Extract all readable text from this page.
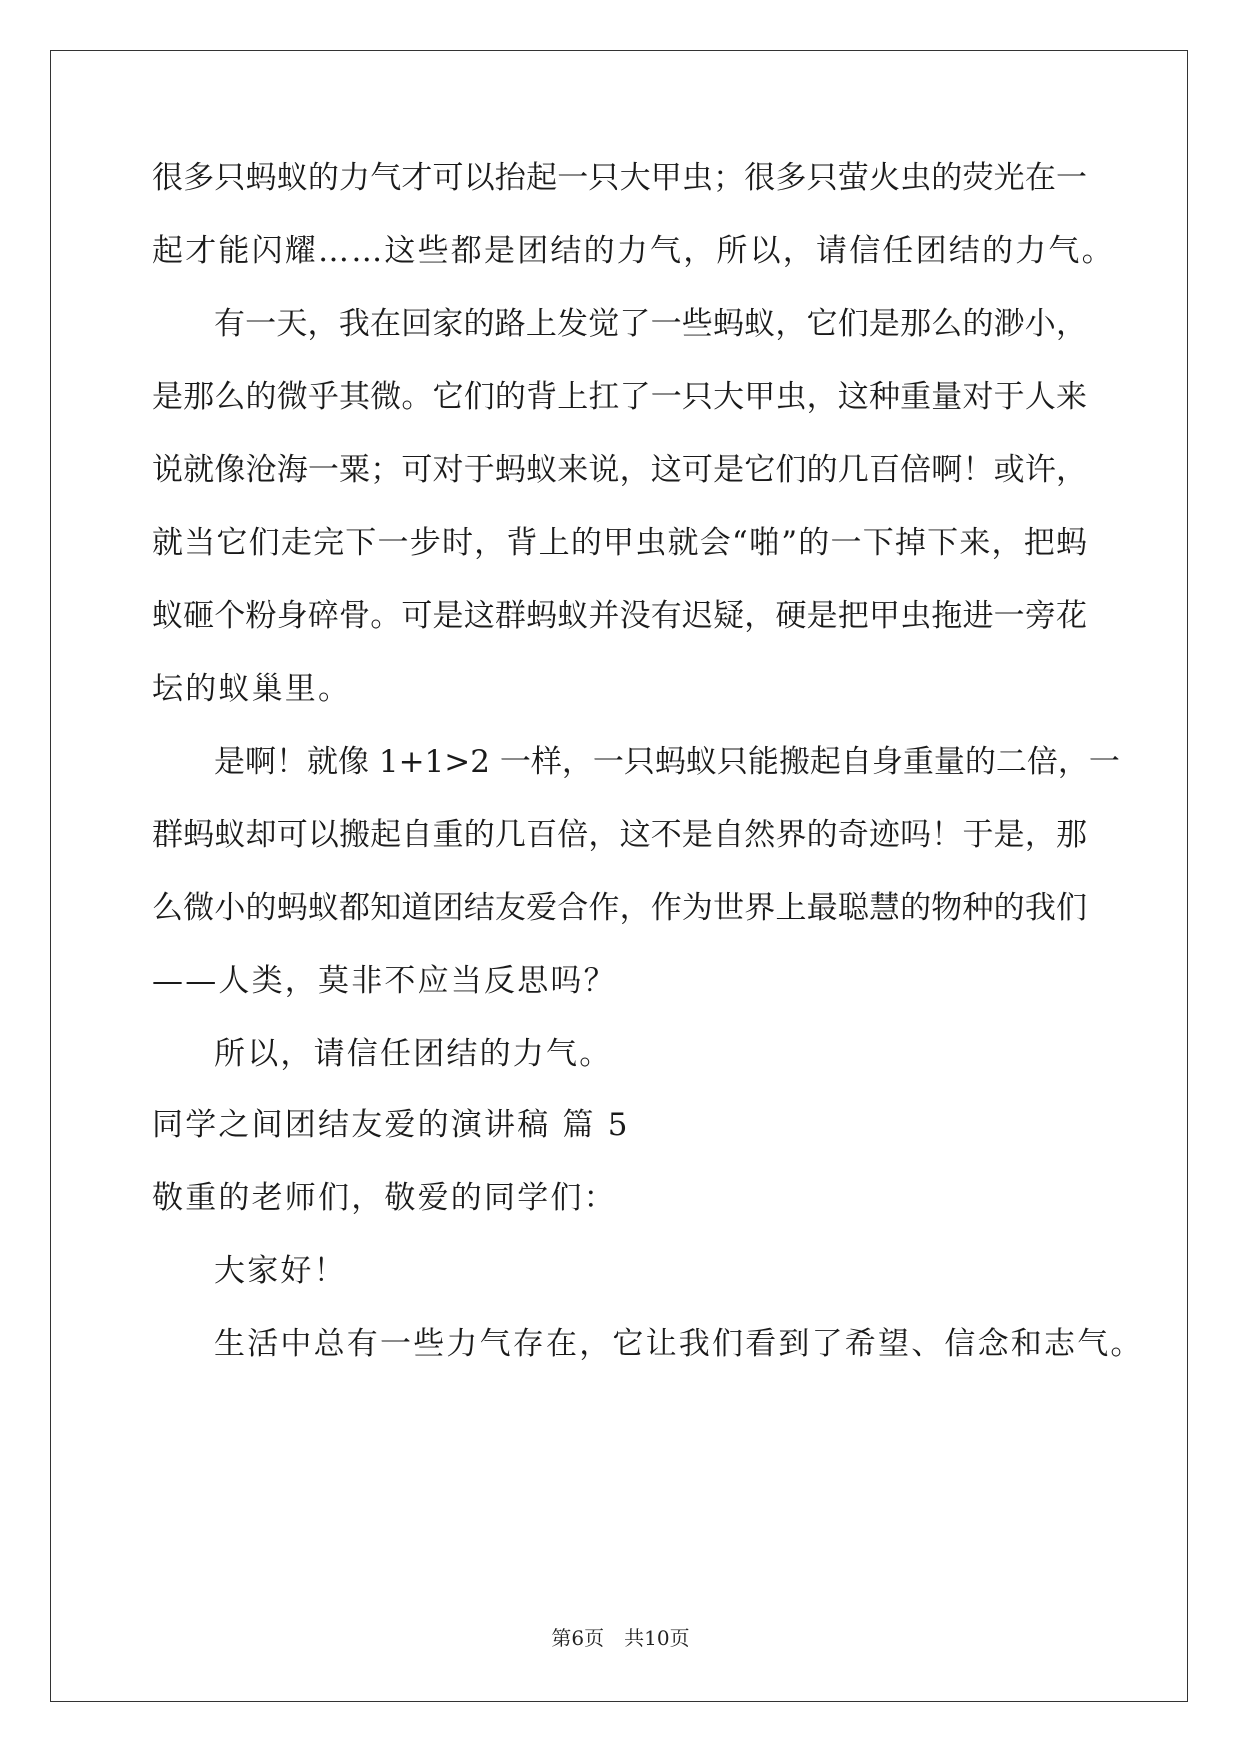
很多只蚂蚁的力气才可以抬起一只大甲虫；很多只萤火虫的荧光在一
起才能闪耀……这些都是团结的力气，所以，请信任团结的力气。
有一天，我在回家的路上发觉了一些蚂蚁，它们是那么的渺小，
是那么的微乎其微。它们的背上扛了一只大甲虫，这种重量对于人来
说就像沧海一粟；可对于蚂蚁来说，这可是它们的几百倍啊！或许，
就当它们走完下一步时，背上的甲虫就会“啪”的一下掉下来，把蚂
蚁砸个粉身碎骨。可是这群蚂蚁并没有迟疑，硬是把甲虫拖进一旁花
坛的蚁巢里。
是啊！就像 1+1>2 一样，一只蚂蚁只能搬起自身重量的二倍，一
群蚂蚁却可以搬起自重的几百倍，这不是自然界的奇迹吗！于是，那
么微小的蚂蚁都知道团结友爱合作，作为世界上最聪慧的物种的我们
——人类，莫非不应当反思吗？
所以，请信任团结的力气。
同学之间团结友爱的演讲稿 篇 5
敬重的老师们，敬爱的同学们：
大家好！
生活中总有一些力气存在，它让我们看到了希望、信念和志气。
第6页　共10页
